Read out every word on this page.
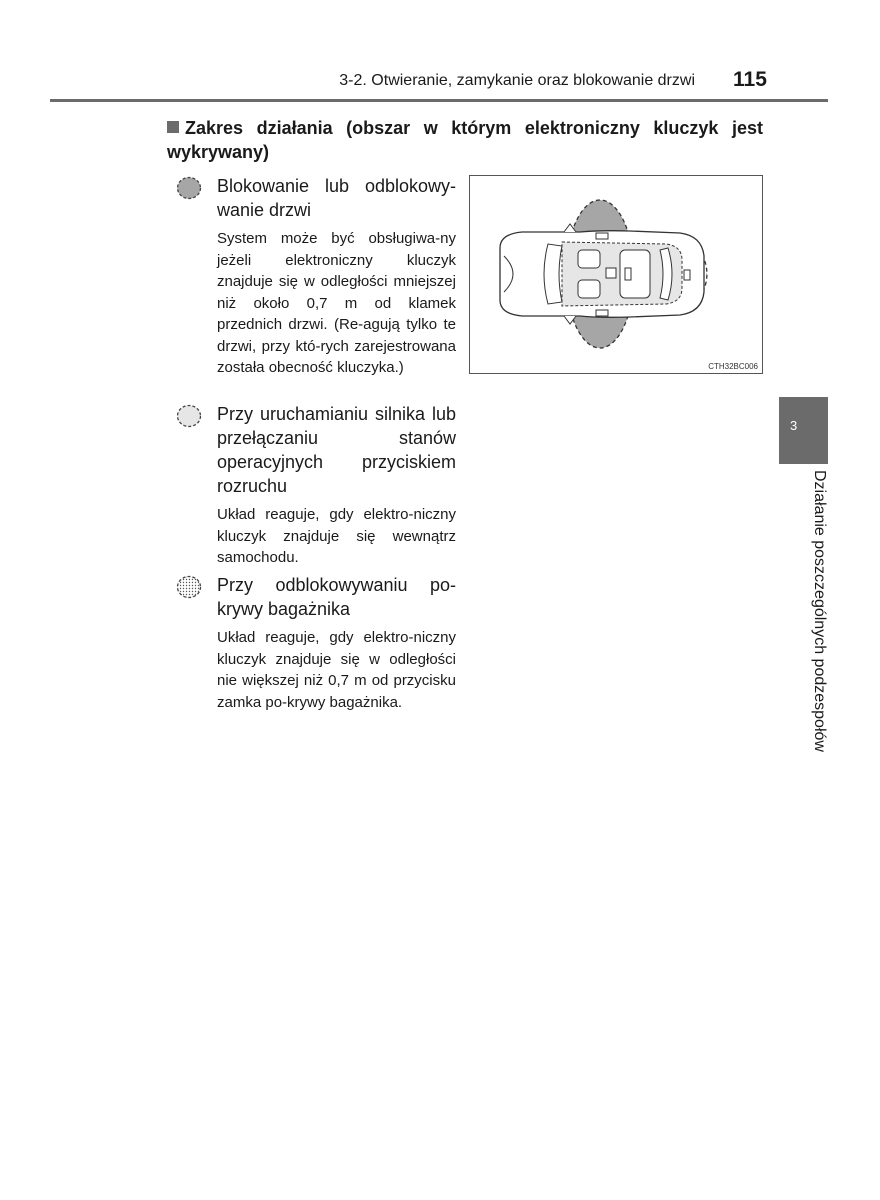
3-2. Otwieranie, zamykanie oraz blokowanie drzwi 115
Zakres działania (obszar w którym elektroniczny kluczyk jest wykrywany)
Blokowanie lub odblokowy-wanie drzwi
System może być obsługiwa-ny jeżeli elektroniczny kluczyk znajduje się w odległości mniejszej niż około 0,7 m od klamek przednich drzwi. (Re-agują tylko te drzwi, przy któ-rych zarejestrowana została obecność kluczyka.)
Przy uruchamianiu silnika lub przełączaniu stanów operacyjnych przyciskiem rozruchu
Układ reaguje, gdy elektro-niczny kluczyk znajduje się wewnątrz samochodu.
Przy odblokowywaniu po-krywy bagażnika
Układ reaguje, gdy elektro-niczny kluczyk znajduje się w odległości nie większej niż 0,7 m od przycisku zamka po-krywy bagażnika.
CTH32BC006
3
Działanie poszczególnych podzespołów
